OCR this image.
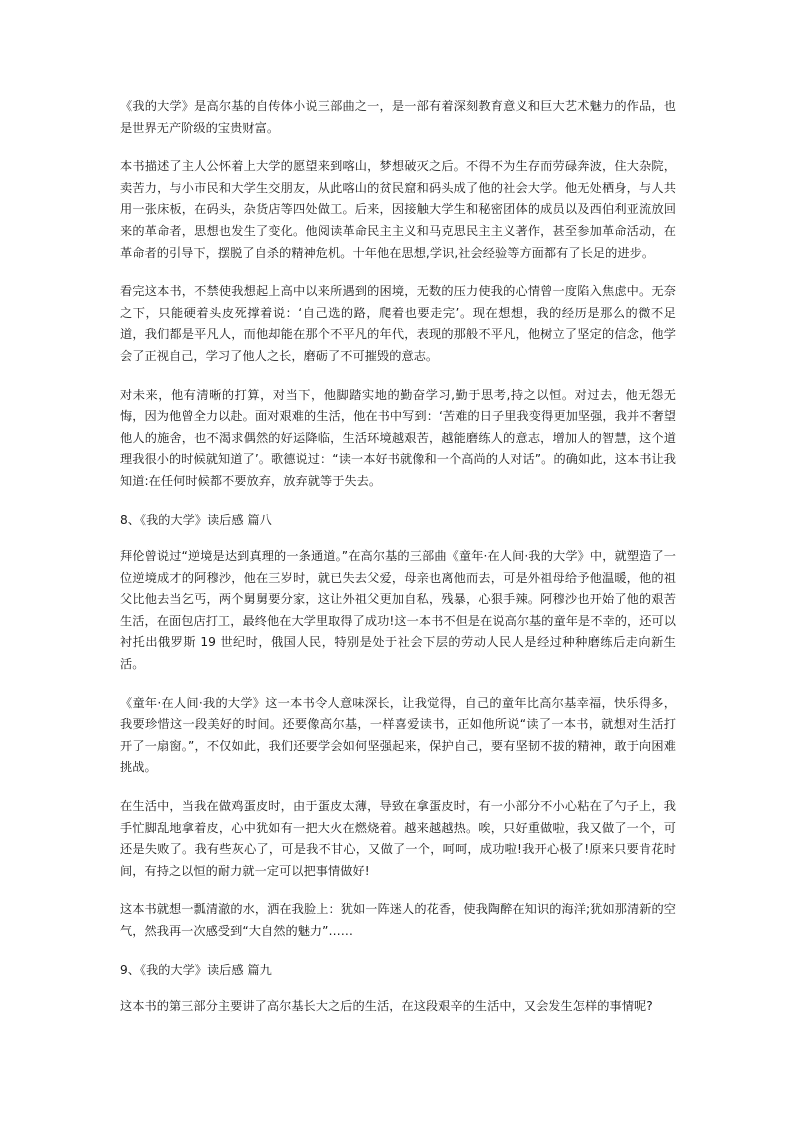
《我的大学》是高尔基的自传体小说三部曲之一，是一部有着深刻教育意义和巨大艺术魅力的作品，也是世界无产阶级的宝贵财富。

本书描述了主人公怀着上大学的愿望来到喀山，梦想破灭之后。不得不为生存而劳碌奔波，住大杂院，卖苦力，与小市民和大学生交朋友，从此喀山的贫民窟和码头成了他的社会大学。他无处栖身，与人共用一张床板，在码头，杂货店等四处做工。后来，因接触大学生和秘密团体的成员以及西伯利亚流放回来的革命者，思想也发生了变化。他阅读革命民主主义和马克思民主主义著作，甚至参加革命活动，在革命者的引导下，摆脱了自杀的精神危机。十年他在思想,学识,社会经验等方面都有了长足的进步。

看完这本书，不禁使我想起上高中以来所遇到的困境，无数的压力使我的心情曾一度陷入焦虑中。无奈之下，只能硬着头皮死撑着说：‘自己选的路，爬着也要走完’。现在想想，我的经历是那么的微不足道，我们都是平凡人，而他却能在那个不平凡的年代，表现的那般不平凡，他树立了坚定的信念，他学会了正视自己，学习了他人之长，磨砺了不可摧毁的意志。

对未来，他有清晰的打算，对当下，他脚踏实地的勤奋学习,勤于思考,持之以恒。对过去，他无怨无悔，因为他曾全力以赴。面对艰难的生活，他在书中写到：‘苦难的日子里我变得更加坚强，我并不奢望他人的施舍，也不渴求偶然的好运降临，生活环境越艰苦，越能磨练人的意志，增加人的智慧，这个道理我很小的时候就知道了’。歌德说过：“读一本好书就像和一个高尚的人对话”。的确如此，这本书让我知道:在任何时候都不要放弃，放弃就等于失去。

8、《我的大学》读后感 篇八

拜伦曾说过“逆境是达到真理的一条通道。”在高尔基的三部曲《童年·在人间·我的大学》中，就塑造了一位逆境成才的阿穆沙，他在三岁时，就已失去父爱，母亲也离他而去，可是外祖母给予他温暖，他的祖父比他去当乞丐，两个舅舅要分家，这让外祖父更加自私，残暴，心狠手辣。阿穆沙也开始了他的艰苦生活，在面包店打工，最终他在大学里取得了成功!这一本书不但是在说高尔基的童年是不幸的，还可以衬托出俄罗斯 19 世纪时，俄国人民，特别是处于社会下层的劳动人民人是经过种种磨练后走向新生活。

《童年·在人间·我的大学》这一本书令人意味深长，让我觉得，自己的童年比高尔基幸福，快乐得多，我要珍惜这一段美好的时间。还要像高尔基，一样喜爱读书，正如他所说“读了一本书，就想对生活打开了一扇窗。”，不仅如此，我们还要学会如何坚强起来，保护自己，要有坚韧不拔的精神，敢于向困难挑战。

在生活中，当我在做鸡蛋皮时，由于蛋皮太薄，导致在拿蛋皮时，有一小部分不小心粘在了勺子上，我手忙脚乱地拿着皮，心中犹如有一把大火在燃烧着。越来越越热。唉，只好重做啦，我又做了一个，可还是失败了。我有些灰心了，可是我不甘心，又做了一个，呵呵，成功啦!我开心极了!原来只要肯花时间，有持之以恒的耐力就一定可以把事情做好!

这本书就想一瓢清澈的水，洒在我脸上：犹如一阵迷人的花香，使我陶醉在知识的海洋;犹如那清新的空气，然我再一次感受到“大自然的魅力”……

9、《我的大学》读后感 篇九

这本书的第三部分主要讲了高尔基长大之后的生活，在这段艰辛的生活中，又会发生怎样的事情呢?
